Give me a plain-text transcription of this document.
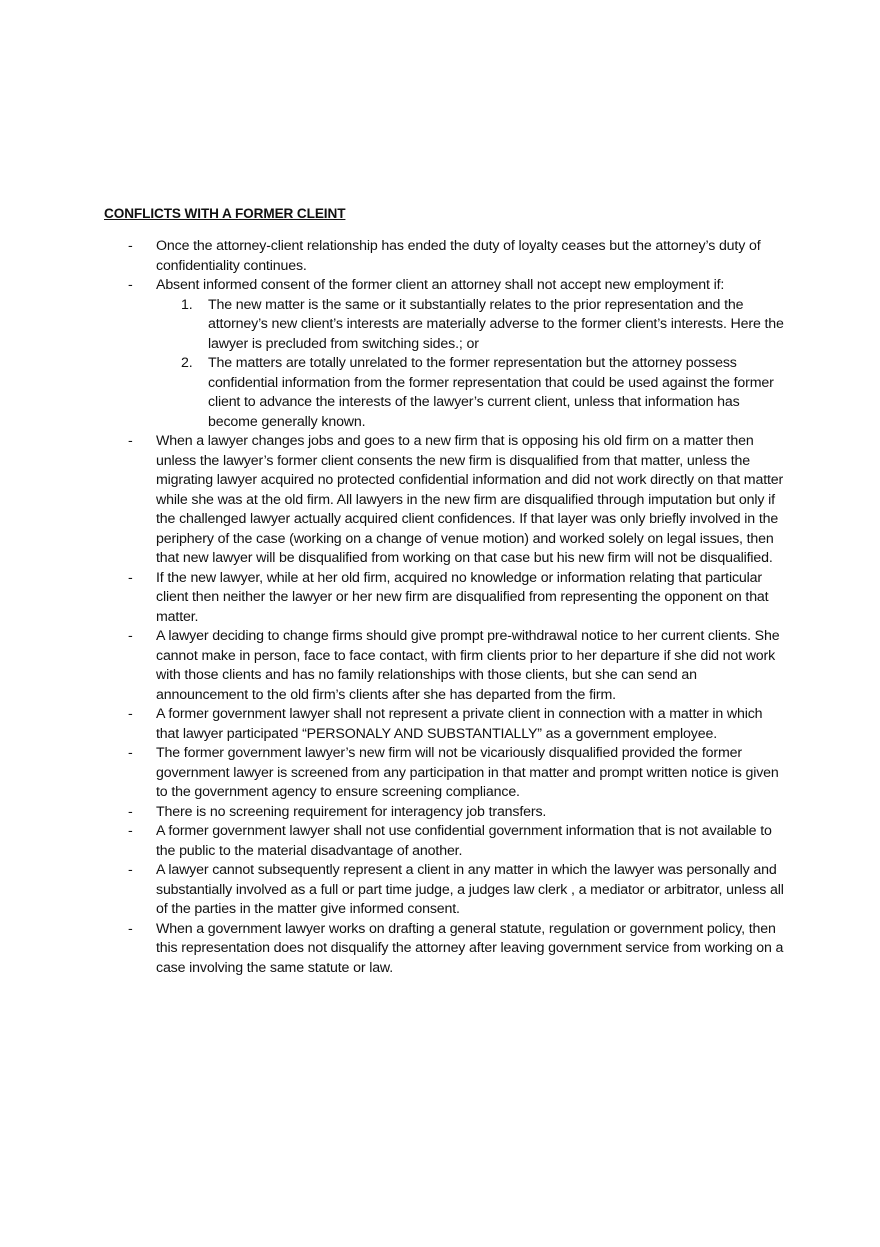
CONFLICTS WITH A FORMER CLEINT
- Once the attorney-client relationship has ended the duty of loyalty ceases but the attorney’s duty of confidentiality continues.
- Absent informed consent of the former client an attorney shall not accept new employment if:
1. The new matter is the same or it substantially relates to the prior representation and the attorney’s new client’s interests are materially adverse to the former client’s interests. Here the lawyer is precluded from switching sides.; or
2. The matters are totally unrelated to the former representation but the attorney possess confidential information from the former representation that could be used against the former client to advance the interests of the lawyer’s current client, unless that information has become generally known.
- When a lawyer changes jobs and goes to a new firm that is opposing his old firm on a matter then unless the lawyer’s former client consents the new firm is disqualified from that matter, unless the migrating lawyer acquired no protected confidential information and did not work directly on that matter while she was at the old firm. All lawyers in the new firm are disqualified through imputation but only if the challenged lawyer actually acquired client confidences. If that layer was only briefly involved in the periphery of the case (working on a change of venue motion) and worked solely on legal issues, then that new lawyer will be disqualified from working on that case but his new firm will not be disqualified.
- If the new lawyer, while at her old firm, acquired no knowledge or information relating that particular client then neither the lawyer or her new firm are disqualified from representing the opponent on that matter.
- A lawyer deciding to change firms should give prompt pre-withdrawal notice to her current clients. She cannot make in person, face to face contact, with firm clients prior to her departure if she did not work with those clients and has no family relationships with those clients, but she can send an announcement to the old firm’s clients after she has departed from the firm.
- A former government lawyer shall not represent a private client in connection with a matter in which that lawyer participated “PERSONALY AND SUBSTANTIALLY” as a government employee.
- The former government lawyer’s new firm will not be vicariously disqualified provided the former government lawyer is screened from any participation in that matter and prompt written notice is given to the government agency to ensure screening compliance.
- There is no screening requirement for interagency job transfers.
- A former government lawyer shall not use confidential government information that is not available to the public to the material disadvantage of another.
- A lawyer cannot subsequently represent a client in any matter in which the lawyer was personally and substantially involved as a full or part time judge, a judges law clerk , a mediator or arbitrator, unless all of the parties in the matter give informed consent.
- When a government lawyer works on drafting a general statute, regulation or government policy, then this representation does not disqualify the attorney after leaving government service from working on a case involving the same statute or law.
